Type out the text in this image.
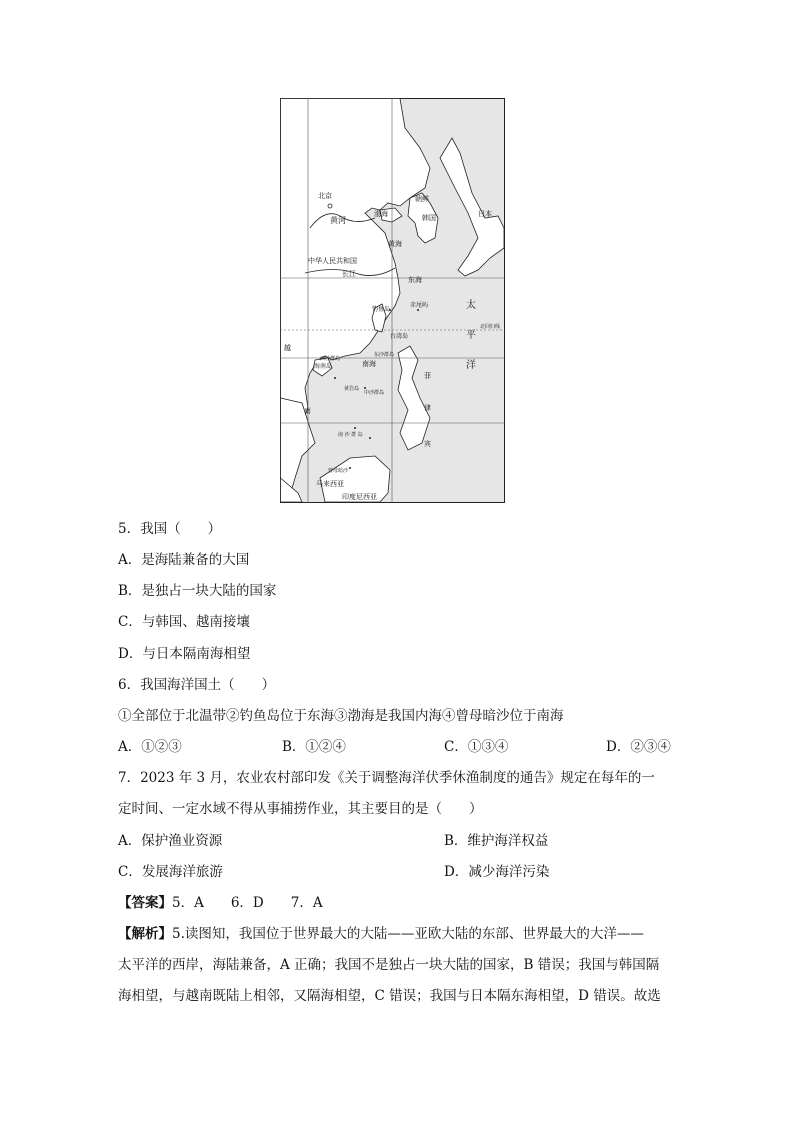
北京
黄河
朝鲜
渤海	韩国	日本
黄海
中华人民共和国
长江
东海
钓鱼岛
赤尾屿
台湾岛
北回归线
太
平
洋
越
西沙群岛
海南岛
东沙群岛
南海
黄岩岛
中沙群岛
菲
律
宾
南
南 沙 群 岛
曾母暗沙
马来西亚
印度尼西亚
5．我国（　　）
A．是海陆兼备的大国
B．是独占一块大陆的国家
C．与韩国、越南接壤
D．与日本隔南海相望
6．我国海洋国土（　　）
①全部位于北温带②钓鱼岛位于东海③渤海是我国内海④曾母暗沙位于南海
A．①②③	B．①②④	C．①③④	D．②③④
7．2023 年 3 月，农业农村部印发《关于调整海洋伏季休渔制度的通告》规定在每年的一
定时间、一定水域不得从事捕捞作业，其主要目的是（　　）
A．保护渔业资源	B．维护海洋权益
C．发展海洋旅游	D．减少海洋污染
【答案】5．A　　6．D　　7．A
【解析】5.读图知，我国位于世界最大的大陆——亚欧大陆的东部、世界最大的大洋——
太平洋的西岸，海陆兼备，A 正确；我国不是独占一块大陆的国家，B 错误；我国与韩国隔
海相望，与越南既陆上相邻，又隔海相望，C 错误；我国与日本隔东海相望，D 错误。故选
